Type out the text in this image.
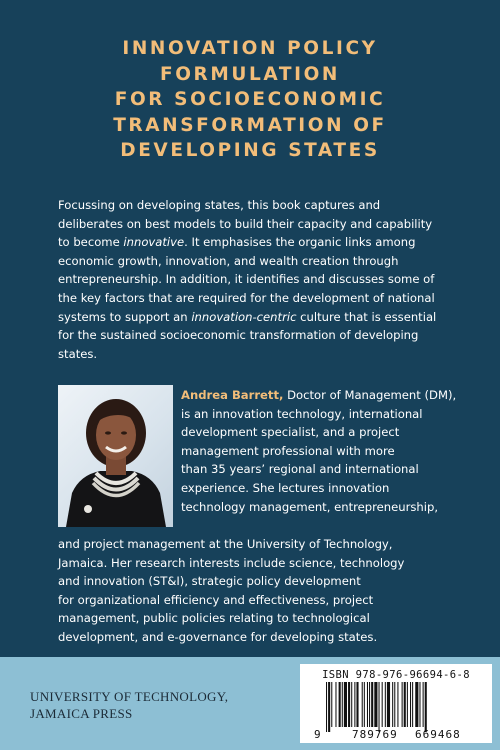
INNOVATION POLICY
FORMULATION
FOR SOCIOECONOMIC
TRANSFORMATION OF
DEVELOPING STATES
Focussing on developing states, this book captures and
deliberates on best models to build their capacity and capability
to become innovative. It emphasises the organic links among
economic growth, innovation, and wealth creation through
entrepreneurship. In addition, it identifies and discusses some of
the key factors that are required for the development of national
systems to support an innovation-centric culture that is essential
for the sustained socioeconomic transformation of developing
states.
Andrea Barrett, Doctor of Management (DM),
is an innovation technology, international
development specialist, and a project
management professional with more
than 35 years’ regional and international
experience. She lectures innovation
technology management, entrepreneurship,
and project management at the University of Technology,
Jamaica. Her research interests include science, technology
and innovation (ST&I), strategic policy development
for organizational efficiency and effectiveness, project
management, public policies relating to technological
development, and e-governance for developing states.
UNIVERSITY OF TECHNOLOGY,
JAMAICA PRESS
ISBN 978-976-96694-6-8
9	789769 669468
